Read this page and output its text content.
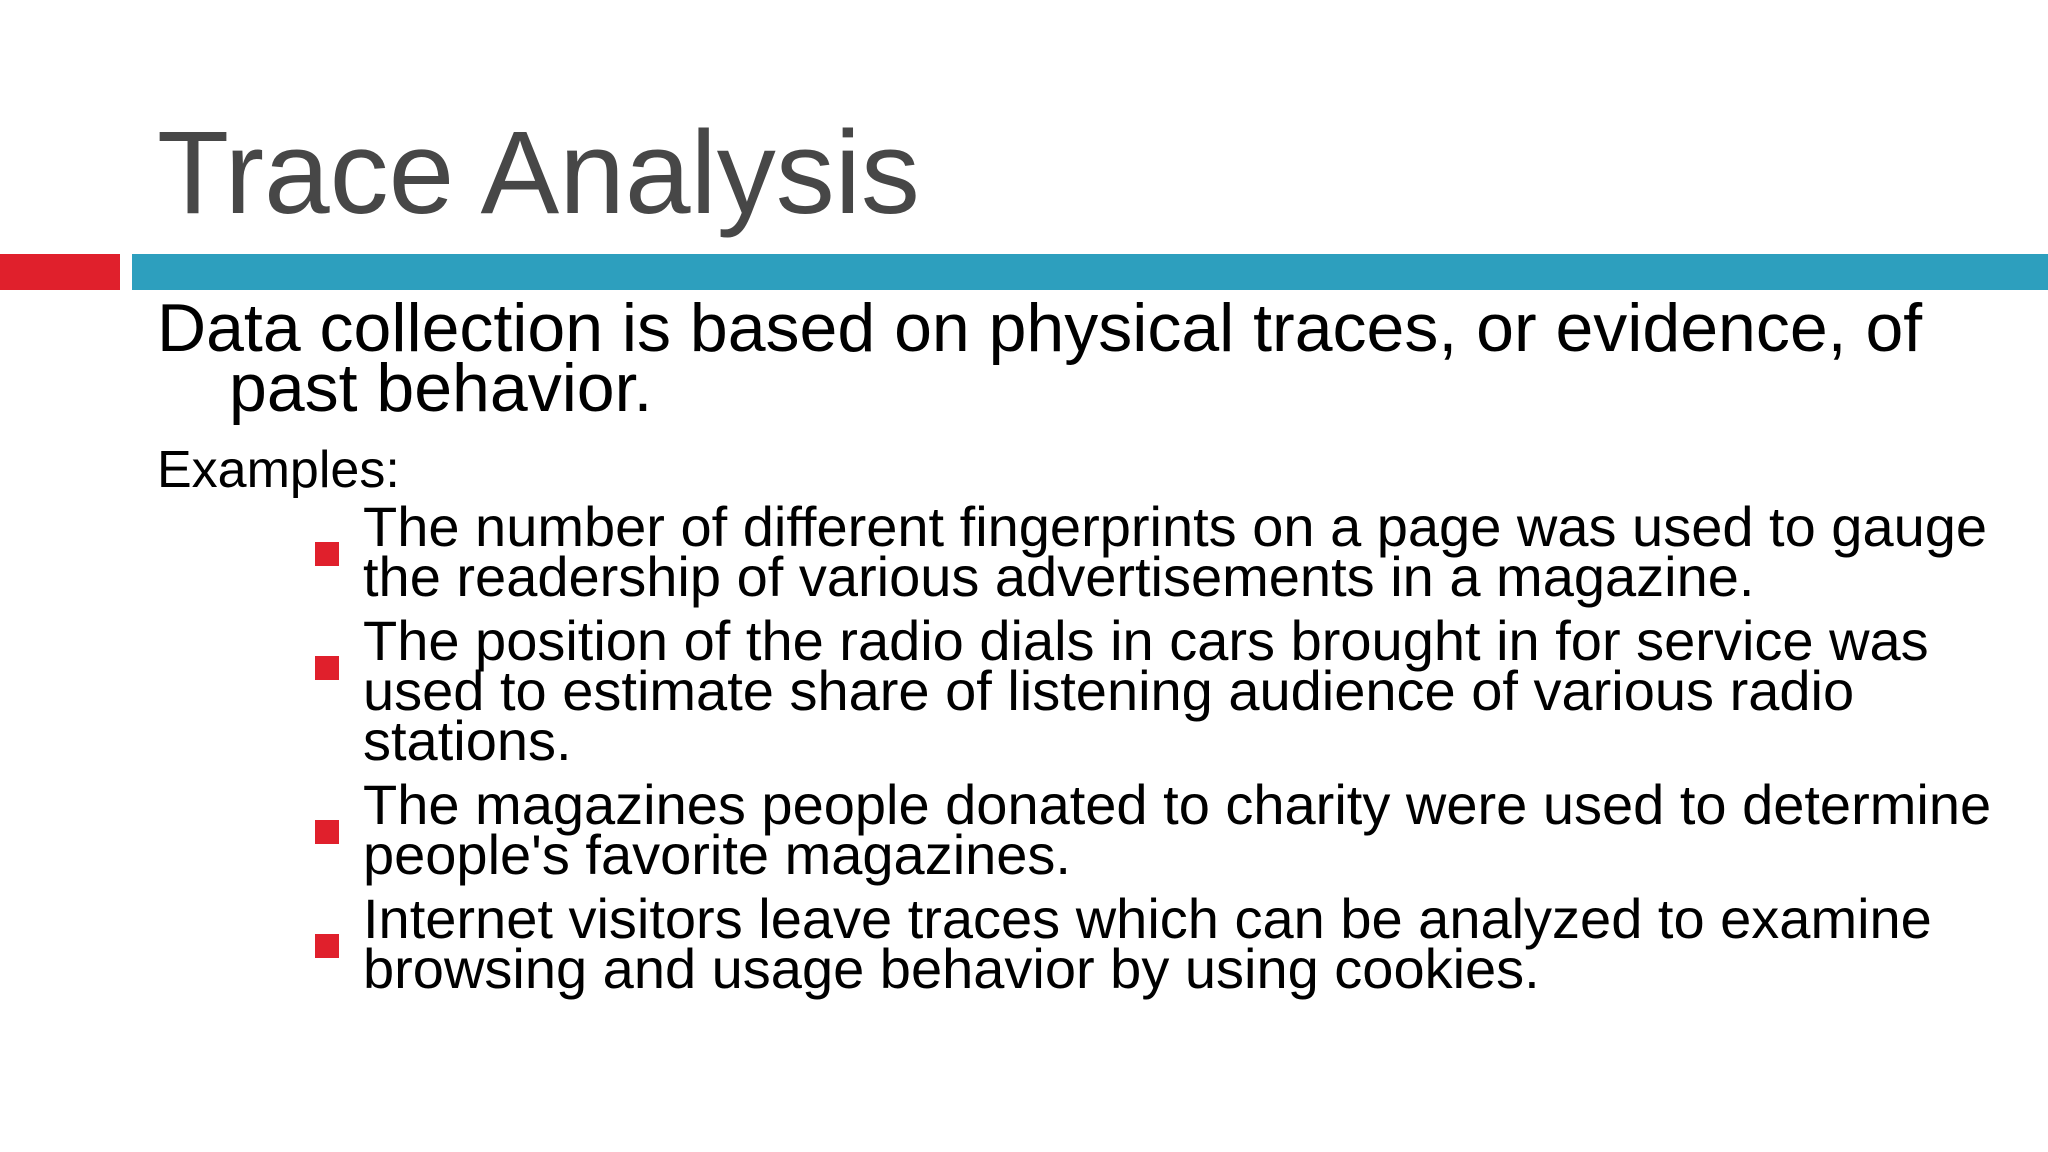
Trace Analysis
Data collection is based on physical traces, or evidence, of past behavior.
Examples:
The number of different fingerprints on a page was used to gauge the readership of various advertisements in a magazine.
The position of the radio dials in cars brought in for service was used to estimate share of listening audience of various radio stations.
The magazines people donated to charity were used to determine people's favorite magazines.
Internet visitors leave traces which can be analyzed to examine browsing and usage behavior by using cookies.
